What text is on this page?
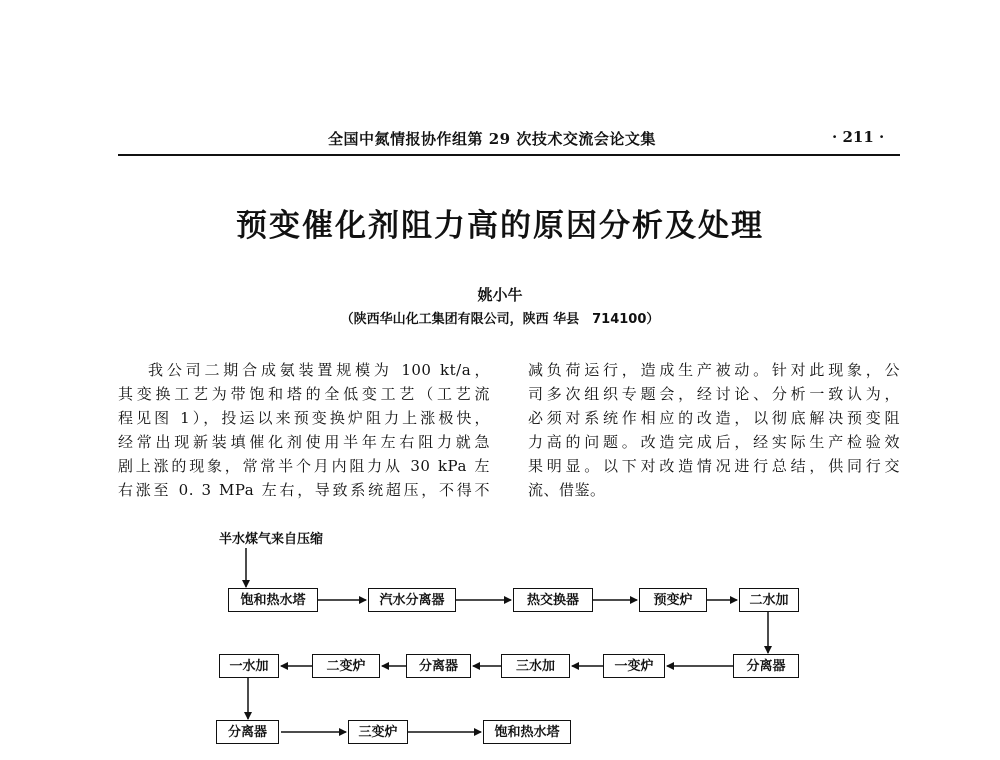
全国中氮情报协作组第 29 次技术交流会论文集	· 211 ·
预变催化剂阻力高的原因分析及处理
姚小牛
（陕西华山化工集团有限公司，陕西 华县　714100）
我公司二期合成氨装置规模为 100 kt/a，
其变换工艺为带饱和塔的全低变工艺（工艺流
程见图 1），投运以来预变换炉阻力上涨极快，
经常出现新装填催化剂使用半年左右阻力就急
剧上涨的现象，常常半个月内阻力从 30 kPa 左
右涨至 0. 3 MPa 左右，导致系统超压，不得不
减负荷运行，造成生产被动。针对此现象，公
司多次组织专题会，经讨论、分析一致认为，
必须对系统作相应的改造，以彻底解决预变阻
力高的问题。改造完成后，经实际生产检验效
果明显。以下对改造情况进行总结，供同行交
流、借鉴。
半水煤气来自压缩
饱和热水塔	汽水分离器	热交换器	预变炉	二水加
一水加	二变炉	分离器	三水加	一变炉	分离器
分离器	三变炉	饱和热水塔
